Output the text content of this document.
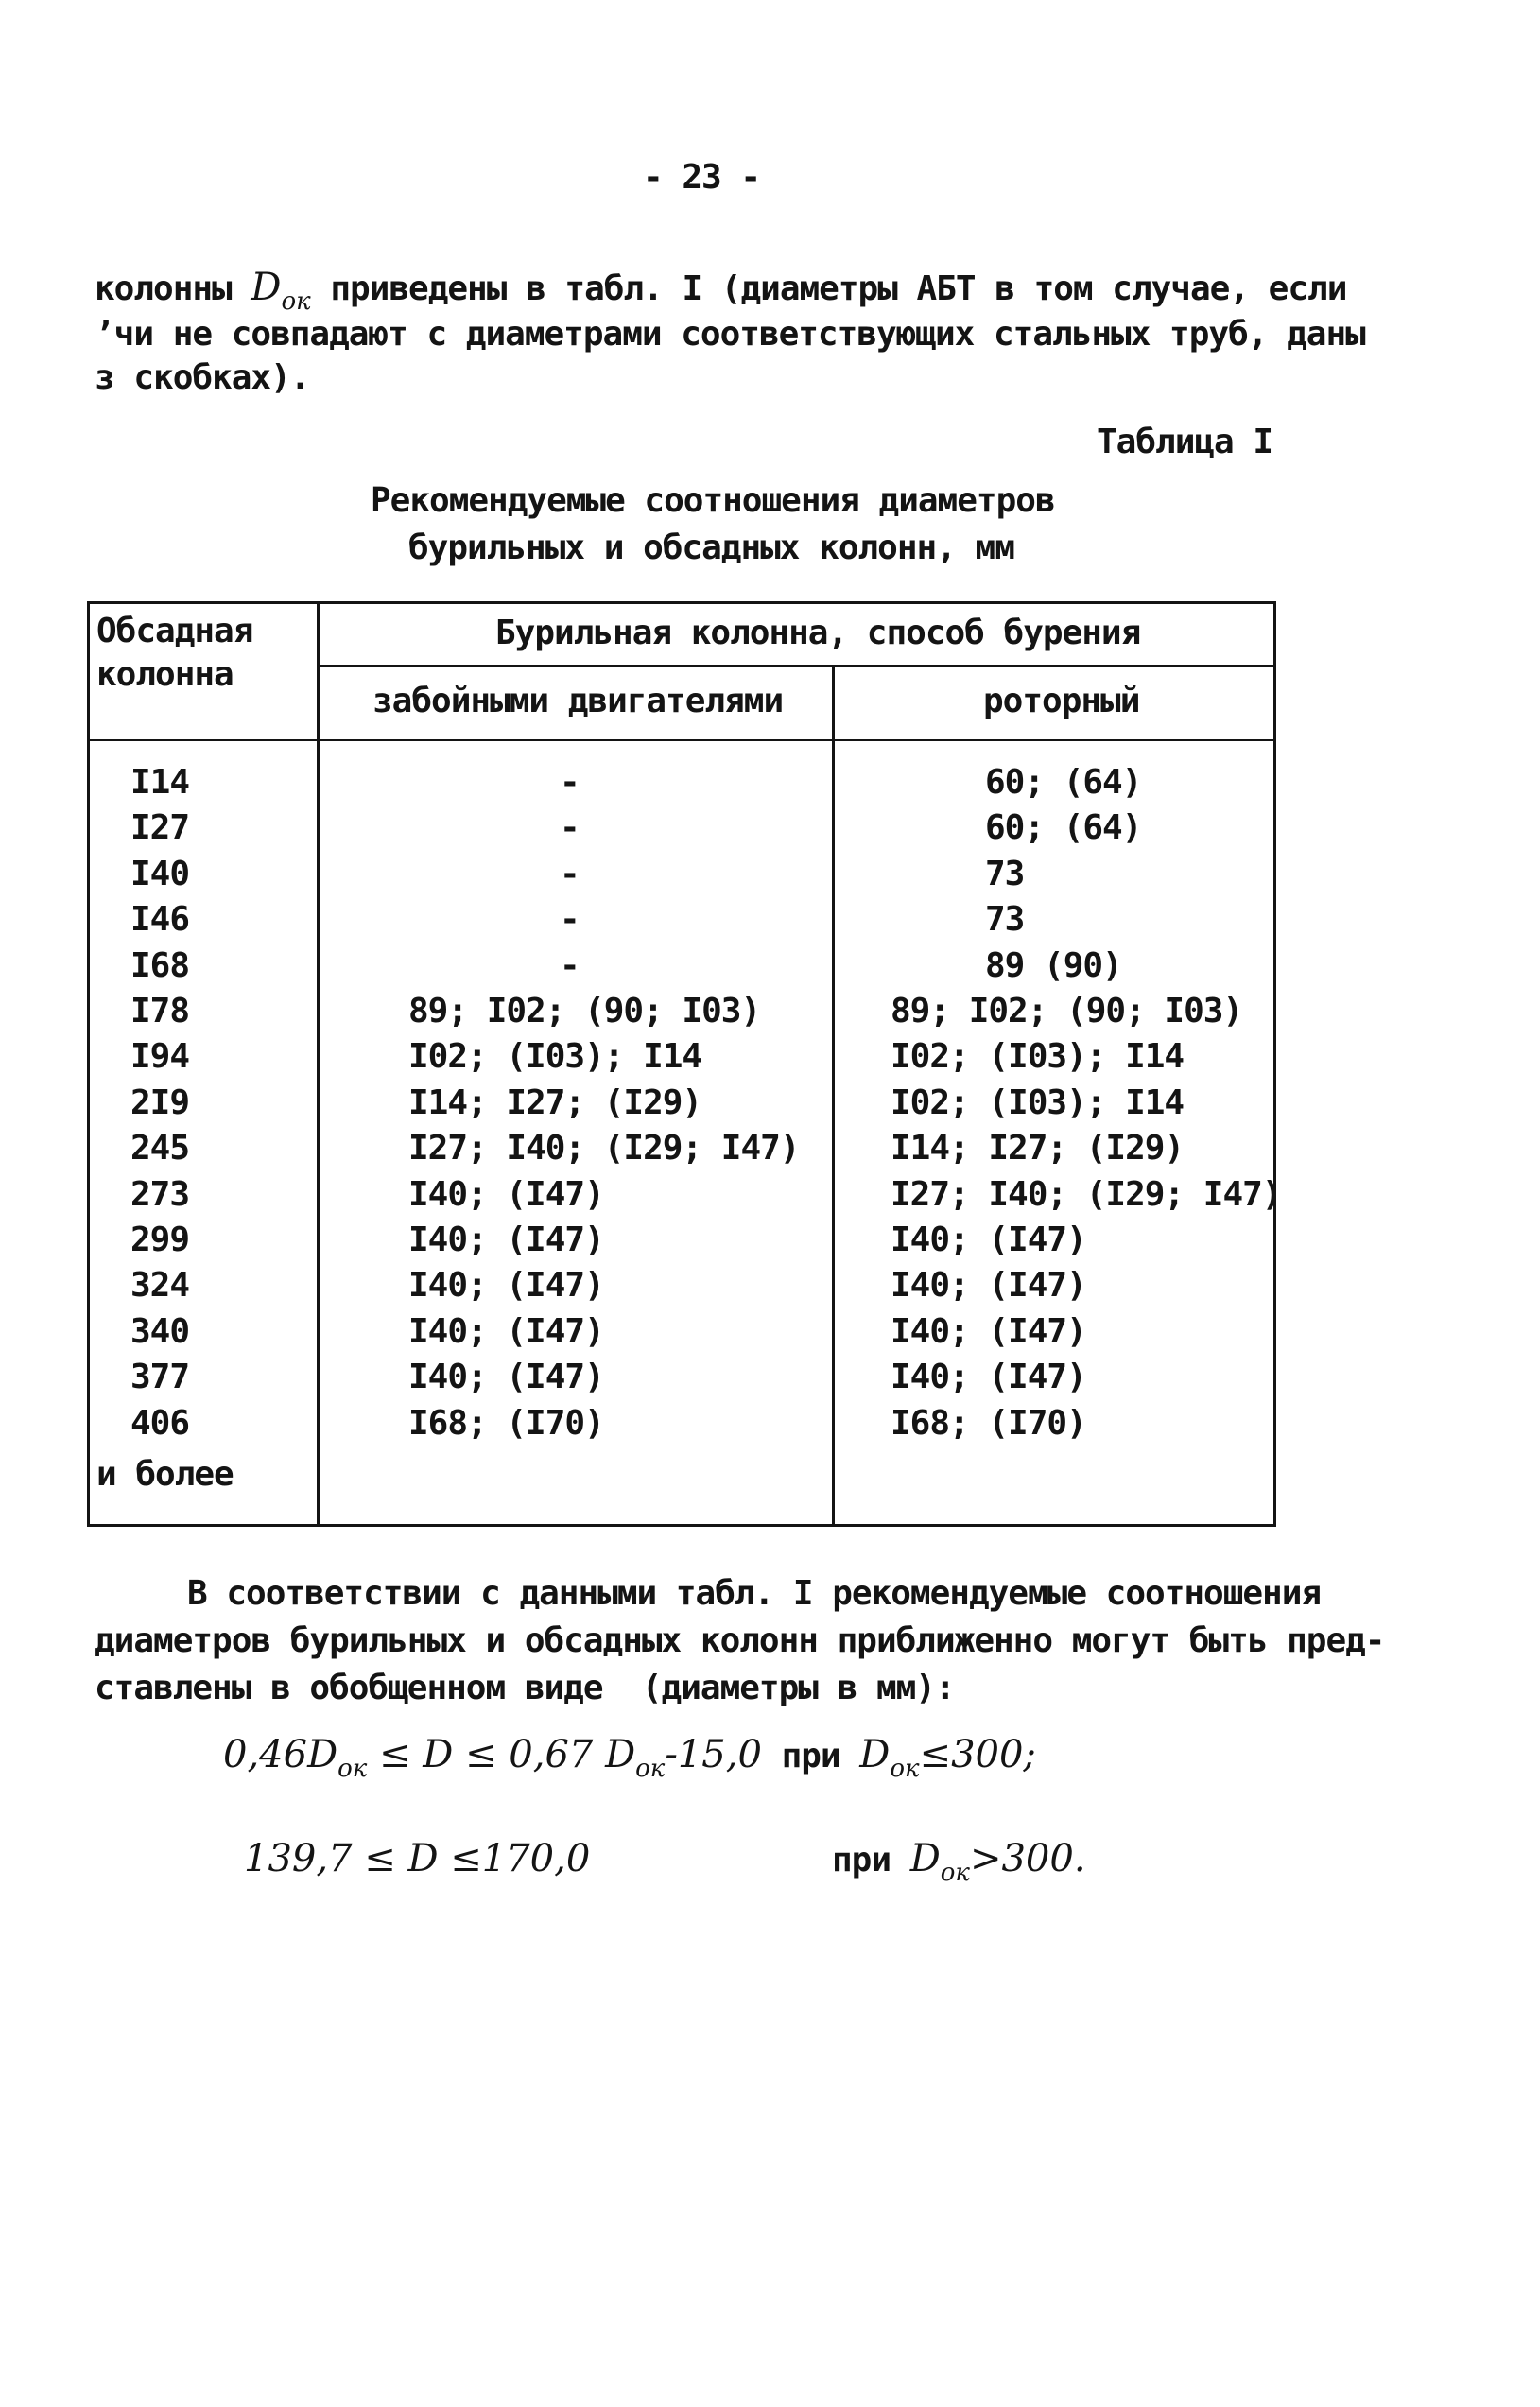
- 23 -
колонны $D_{ок}$ приведены в табл. I (диаметры АБТ в том случае, если
’чи не совпадают с диаметрами соответствующих стальных труб, даны
з скобках).
Таблица I
Рекомендуемые соотношения диаметров
бурильных и обсадных колонн, мм
Обсадная
колонна
Бурильная колонна, способ бурения
забойными двигателями	роторный
I14	-	60; (64)
I27	-	60; (64)
I40	-	73
I46	-	73
I68	-	89 (90)
I78	89; I02; (90; I03)	89; I02; (90; I03)
I94	I02; (I03); I14	I02; (I03); I14
2I9	I14; I27; (I29)	I02; (I03); I14
245	I27; I40; (I29; I47)	I14; I27; (I29)
273	I40; (I47)	I27; I40; (I29; I47)
299	I40; (I47)	I40; (I47)
324	I40; (I47)	I40; (I47)
340	I40; (I47)	I40; (I47)
377	I40; (I47)	I40; (I47)
406	I68; (I70)	I68; (I70)
и более
В соответствии с данными табл. I рекомендуемые соотношения
диаметров бурильных и обсадных колонн приближенно могут быть пред-
ставлены в обобщенном виде  (диаметры в мм):
$0,46D_{ок} \le D \le 0,67$ $D_{ок}-15,0$ при $D_{ок}\le 300$;
139,7 ≤ D ≤170,0	при $D_{ок}>300$.
